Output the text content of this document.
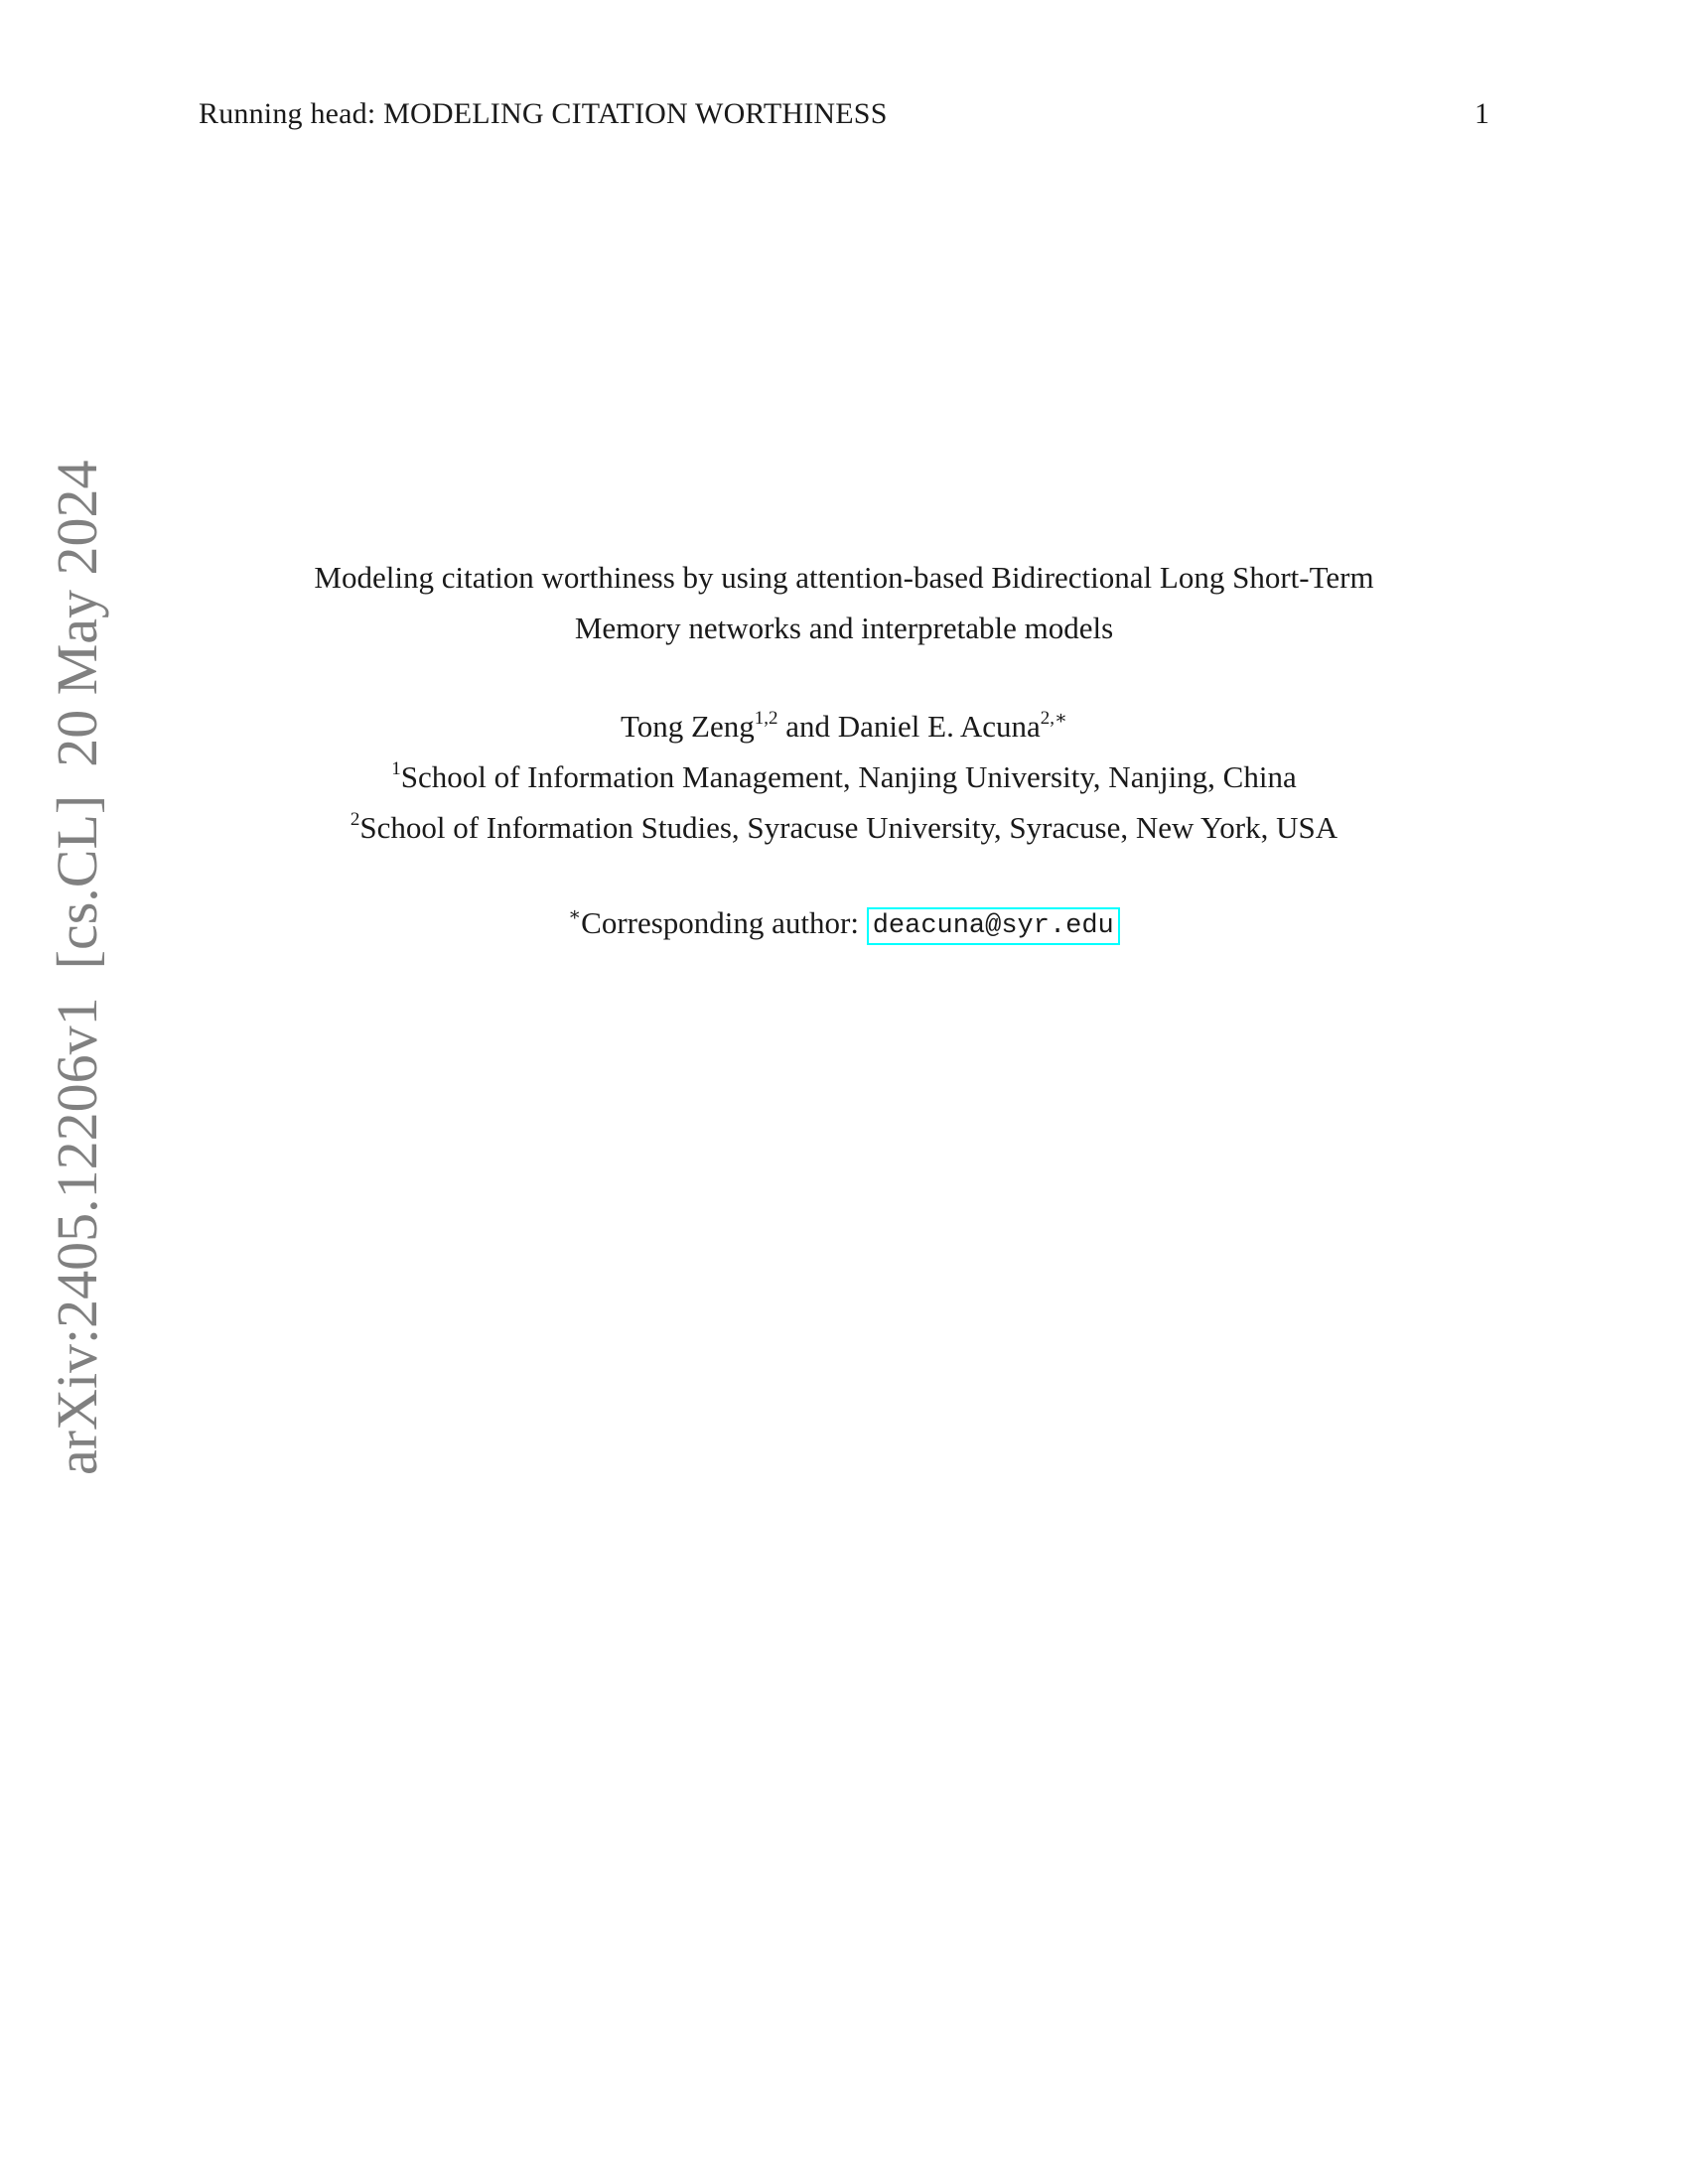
Running head: MODELING CITATION WORTHINESS	1
arXiv:2405.12206v1[cs.CL]20 May 2024	Modeling citation worthiness by using attention-based Bidirectional Long Short-Term
Memory networks and interpretable models
Tong Zeng$^{1,2}$ and Daniel E. Acuna$^{2,∗}$
$^1$School of Information Management, Nanjing University, Nanjing, China
$^2$School of Information Studies, Syracuse University, Syracuse, New York, USA
∗Corresponding author: deacuna@syr.edu
